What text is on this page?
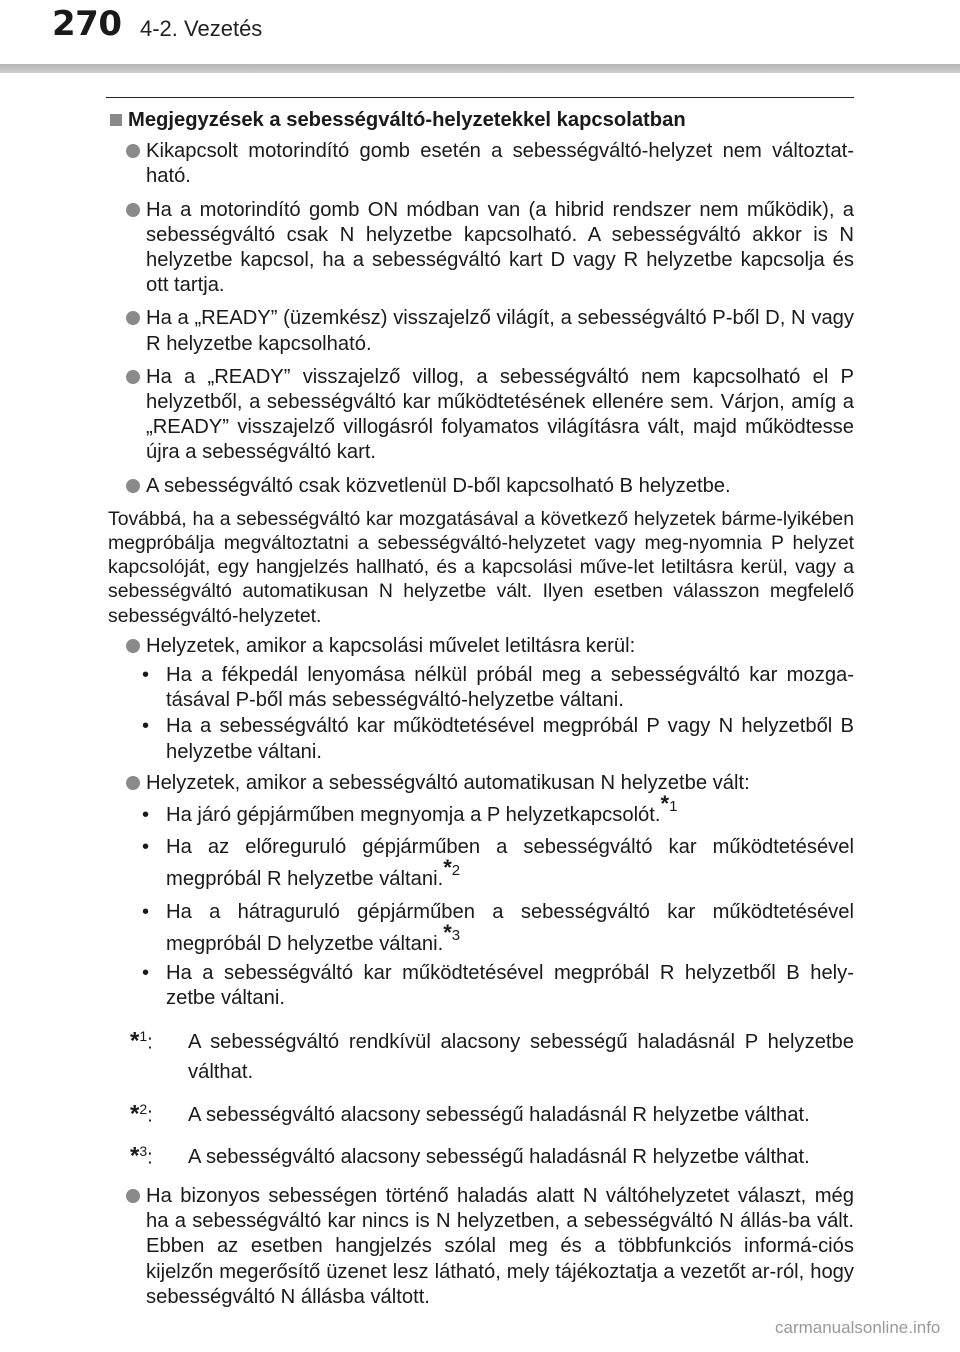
270 4-2. Vezetés
Megjegyzések a sebességváltó-helyzetekkel kapcsolatban
Kikapcsolt motorindító gomb esetén a sebességváltó-helyzet nem változtat-ható.
Ha a motorindító gomb ON módban van (a hibrid rendszer nem működik), a sebességváltó csak N helyzetbe kapcsolható. A sebességváltó akkor is N helyzetbe kapcsol, ha a sebességváltó kart D vagy R helyzetbe kapcsolja és ott tartja.
Ha a „READY” (üzemkész) visszajelző világít, a sebességváltó P-ből D, N vagy R helyzetbe kapcsolható.
Ha a „READY” visszajelző villog, a sebességváltó nem kapcsolható el P helyzetből, a sebességváltó kar működtetésének ellenére sem. Várjon, amíg a „READY” visszajelző villogásról folyamatos világításra vált, majd működtesse újra a sebességváltó kart.
A sebességváltó csak közvetlenül D-ből kapcsolható B helyzetbe.
Továbbá, ha a sebességváltó kar mozgatásával a következő helyzetek bárme-lyikében megpróbálja megváltoztatni a sebességváltó-helyzetet vagy meg-nyomnia P helyzet kapcsolóját, egy hangjelzés hallható, és a kapcsolási műve-let letiltásra kerül, vagy a sebességváltó automatikusan N helyzetbe vált. Ilyen esetben válasszon megfelelő sebességváltó-helyzetet.
Helyzetek, amikor a kapcsolási művelet letiltásra kerül:
• Ha a fékpedál lenyomása nélkül próbál meg a sebességváltó kar mozga-tásával P-ből más sebességváltó-helyzetbe váltani.
• Ha a sebességváltó kar működtetésével megpróbál P vagy N helyzetből B helyzetbe váltani.
Helyzetek, amikor a sebességváltó automatikusan N helyzetbe vált:
• Ha járó gépjárműben megnyomja a P helyzetkapcsolót.$^{*1}$
• Ha az előreguruló gépjárműben a sebességváltó kar működtetésével megpróbál R helyzetbe váltani.$^{*2}$
• Ha a hátraguruló gépjárműben a sebességváltó kar működtetésével megpróbál D helyzetbe váltani.$^{*3}$
• Ha a sebességváltó kar működtetésével megpróbál R helyzetből B hely-zetbe váltani.
*$^1$: A sebességváltó rendkívül alacsony sebességű haladásnál P helyzetbe válthat.
*$^2$: A sebességváltó alacsony sebességű haladásnál R helyzetbe válthat.
*$^3$: A sebességváltó alacsony sebességű haladásnál R helyzetbe válthat.
Ha bizonyos sebességen történő haladás alatt N váltóhelyzetet választ, még ha a sebességváltó kar nincs is N helyzetben, a sebességváltó N állás-ba vált. Ebben az esetben hangjelzés szólal meg és a többfunkciós informá-ciós kijelzőn megerősítő üzenet lesz látható, mely tájékoztatja a vezetőt ar-ról, hogy sebességváltó N állásba váltott.
carmanualsonline.info
